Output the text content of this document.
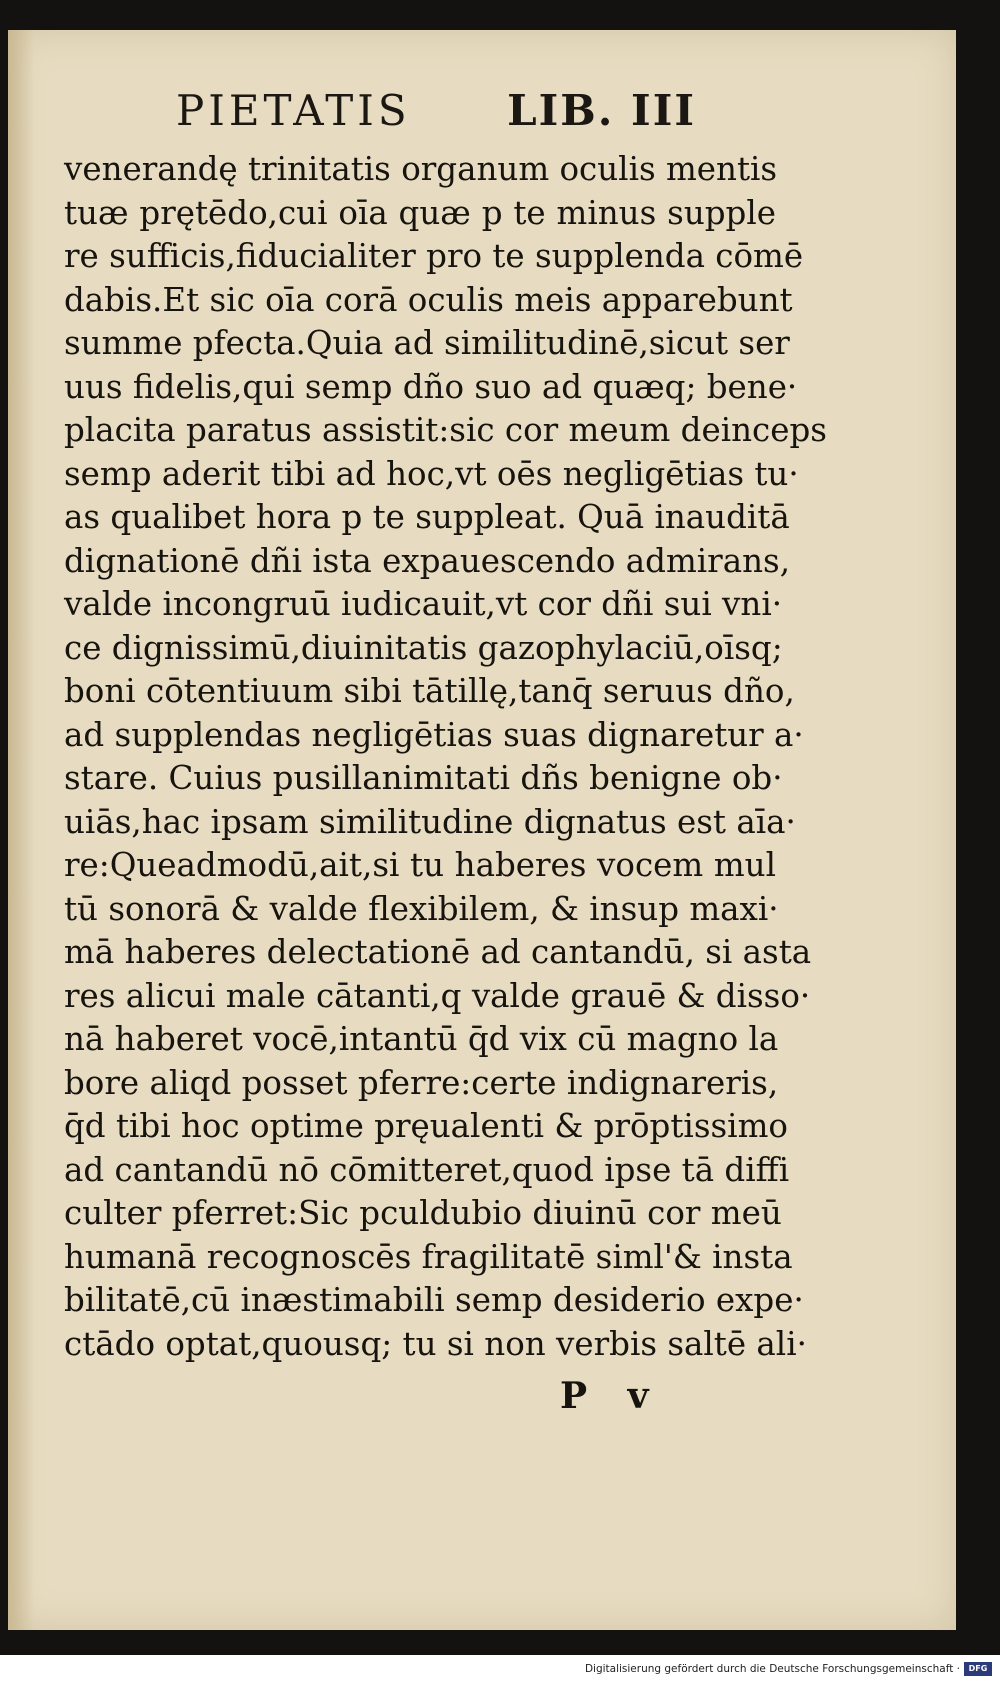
PIETATIS LIB. III
venerandę trinitatis organum oculis mentis
tuæ prętēdo,cui oīa quæ p te minus supple
re sufficis,fiducialiter pro te supplenda cōmē
dabis.Et sic oīa corā oculis meis apparebunt
summe pfecta.Quia ad similitudinē,sicut ser
uus fidelis,qui semp dño suo ad quæq; bene·
placita paratus assistit:sic cor meum deinceps
semp aderit tibi ad hoc,vt oēs negligētias tu·
as qualibet hora p te suppleat. Quā inauditā
dignationē dñi ista expauescendo admirans,
valde incongruū iudicauit,vt cor dñi sui vni·
ce dignissimū,diuinitatis gazophylaciū,oīsq;
boni cōtentiuum sibi tātillę,tanq̄ seruus dño,
ad supplendas negligētias suas dignaretur a·
stare. Cuius pusillanimitati dñs benigne ob·
uiās,hac ipsam similitudine dignatus est aīa·
re:Queadmodū,ait,si tu haberes vocem mul
tū sonorā & valde flexibilem, & insup maxi·
mā haberes delectationē ad cantandū, si asta
res alicui male cātanti,q valde grauē & disso·
nā haberet vocē,intantū q̄d vix cū magno la
bore aliqd posset pferre:certe indignareris,
q̄d tibi hoc optime pręualenti & prōptissimo
ad cantandū nō cōmitteret,quod ipse tā diffi
culter pferret:Sic pculdubio diuinū cor meū
humanā recognoscēs fragilitatē siml'& insta
bilitatē,cū inæstimabili semp desiderio expe·
ctādo optat,quousq; tu si non verbis saltē ali·
P v
Digitalisierung gefördert durch die Deutsche Forschungsgemeinschaft ·	DFG
